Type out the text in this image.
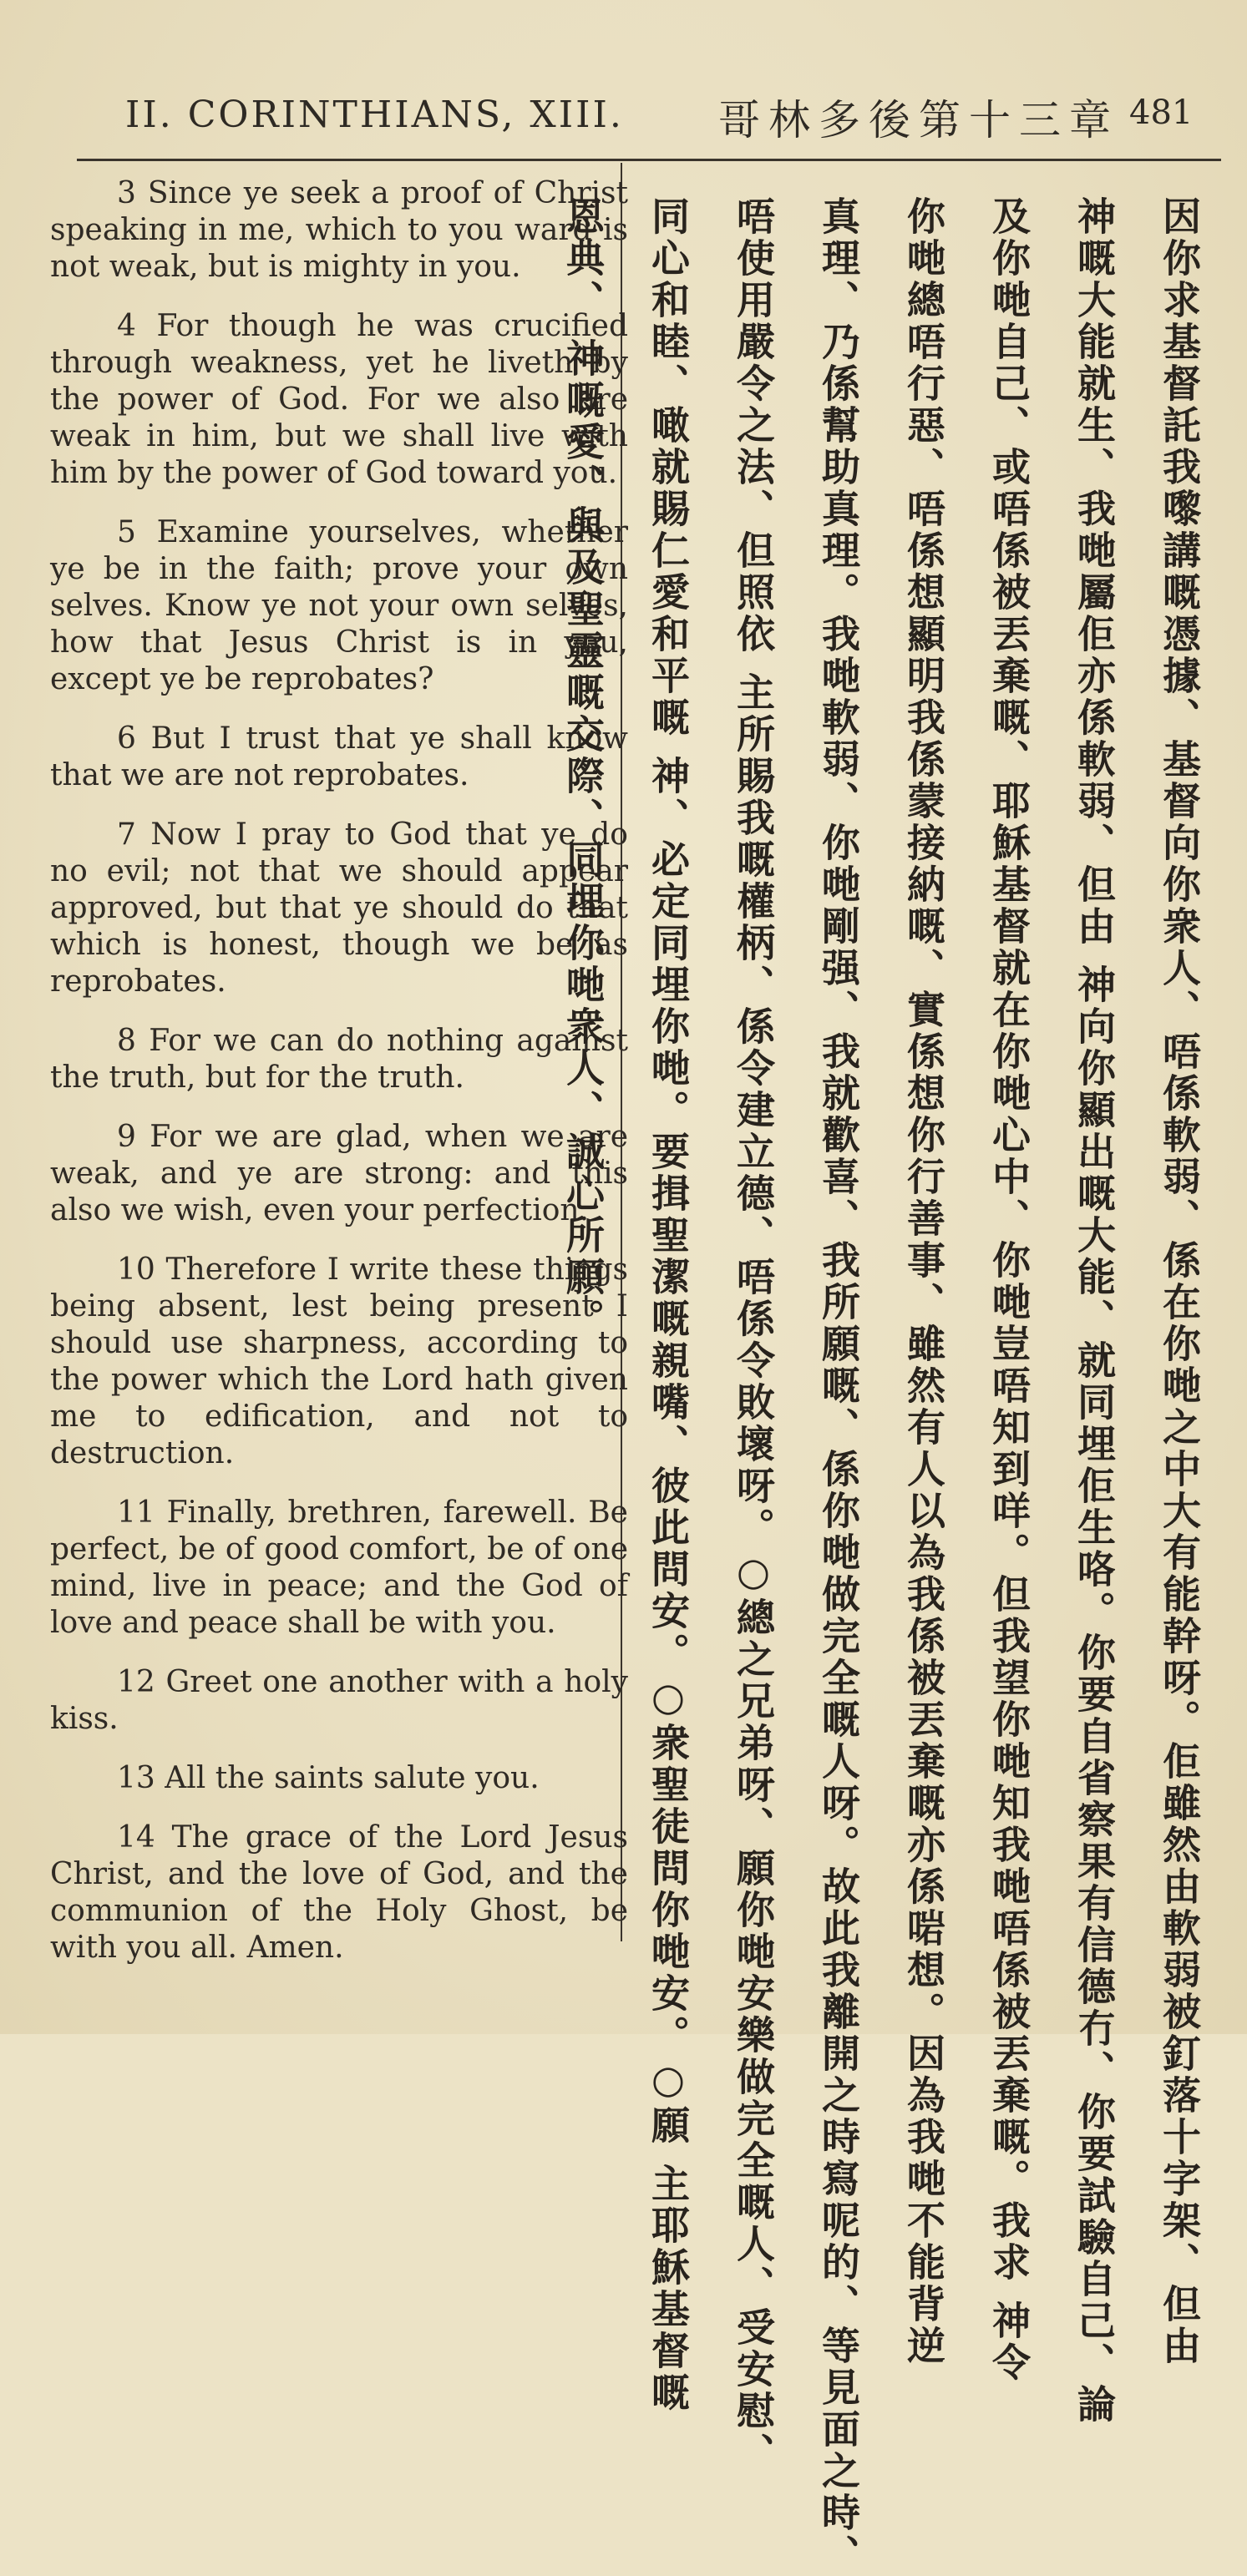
II. CORINTHIANS, XIII. 哥林多後第十三章 481

3 Since ye seek a proof of Christ speaking in me, which to you ward is not weak, but is mighty in you.

4 For though he was crucified through weakness, yet he liveth by the power of God. For we also are weak in him, but we shall live with him by the power of God toward you.

5 Examine yourselves, whether ye be in the faith; prove your own selves. Know ye not your own selves, how that Jesus Christ is in you, except ye be reprobates?

6 But I trust that ye shall know that we are not reprobates.

7 Now I pray to God that ye do no evil; not that we should appear approved, but that ye should do that which is honest, though we be as reprobates.

8 For we can do nothing against the truth, but for the truth.

9 For we are glad, when we are weak, and ye are strong: and this also we wish, even your perfection.

10 Therefore I write these things being absent, lest being present I should use sharpness, according to the power which the Lord hath given me to edification, and not to destruction.

11 Finally, brethren, farewell. Be perfect, be of good comfort, be of one mind, live in peace; and the God of love and peace shall be with you.

12 Greet one another with a holy kiss.

13 All the saints salute you.

14 The grace of the Lord Jesus Christ, and the love of God, and the communion of the Holy Ghost, be with you all. Amen.	因你求基督託我嚟講嘅憑據、基督向你衆人、唔係軟弱、係在你哋之中大有能幹呀。佢雖然由軟弱被釘落十字架、但由
神嘅大能就生、我哋屬佢亦係軟弱、但由 神向你顯出嘅大能、就同埋佢生咯。你要自省察果有信德冇、你要試驗自己、論
及你哋自己、或唔係被丟棄嘅、耶穌基督就在你哋心中、你哋豈唔知到咩。但我望你哋知我哋唔係被丟棄嘅。我求 神令
你哋總唔行惡、唔係想顯明我係蒙接納嘅、實係想你行善事、雖然有人以為我係被丟棄嘅亦係啱想。因為我哋不能背逆
真理、乃係幫助真理。我哋軟弱、你哋剛强、我就歡喜、我所願嘅、係你哋做完全嘅人呀。故此我離開之時寫呢的、等見面之時、
唔使用嚴令之法、但照依 主所賜我嘅權柄、係令建立德、唔係令敗壞呀。○總之兄弟呀、願你哋安樂做完全嘅人、受安慰、
同心和睦、噉就賜仁愛和平嘅 神、必定同埋你哋。要揖聖潔嘅親嘴、彼此問安。○衆聖徒問你哋安。○願 主耶穌基督嘅
恩典、 神嘅愛、與及聖靈嘅交際、同埋你哋衆人、誠心所願。
